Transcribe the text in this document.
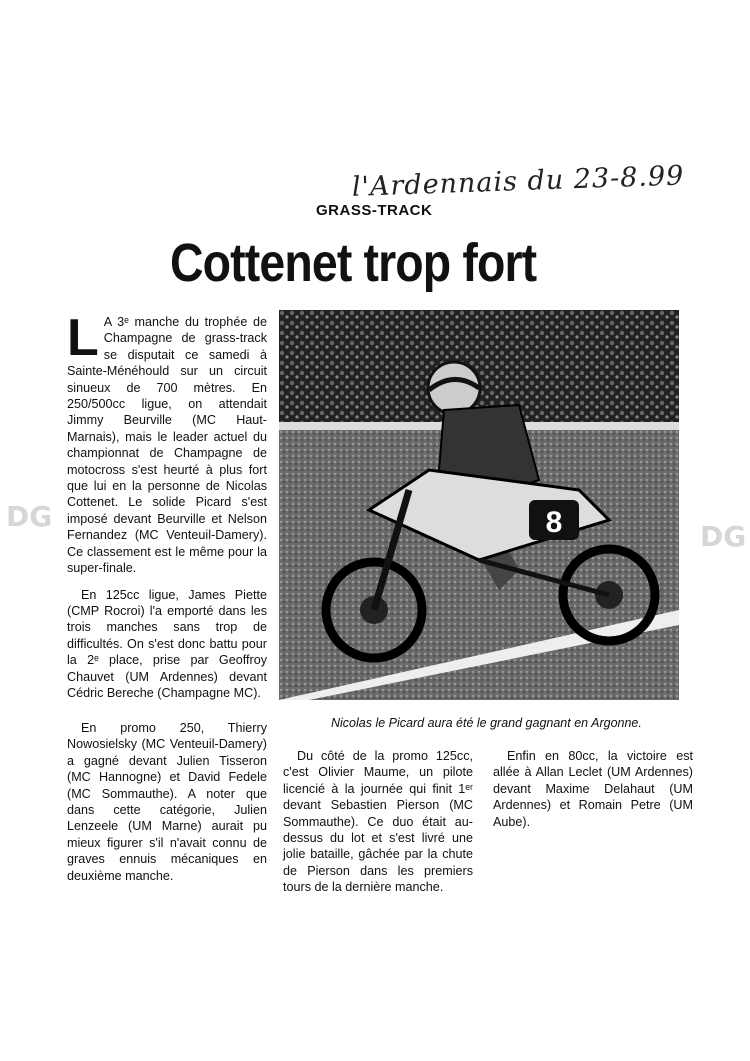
l'Ardennais du 23-8.99
GRASS-TRACK
Cottenet trop fort
L A 3ᵉ manche du trophée de Champagne de grass-track se disputait ce samedi à Sainte-Ménéhould sur un circuit sinueux de 700 mètres. En 250/500cc ligue, on attendait Jimmy Beurville (MC Haut-Marnais), mais le leader actuel du championnat de Champagne de motocross s'est heurté à plus fort que lui en la personne de Nicolas Cottenet. Le solide Picard s'est imposé devant Beurville et Nelson Fernandez (MC Venteuil-Damery). Ce classement est le même pour la super-finale.

En 125cc ligue, James Piette (CMP Rocroi) l'a emporté dans les trois manches sans trop de difficultés. On s'est donc battu pour la 2ᵉ place, prise par Geoffroy Chauvet (UM Ardennes) devant Cédric Bereche (Champagne MC).

En promo 250, Thierry Nowosielsky (MC Venteuil-Damery) a gagné devant Julien Tisseron (MC Hannogne) et David Fedele (MC Sommauthe). A noter que dans cette catégorie, Julien Lenzeele (UM Marne) aurait pu mieux figurer s'il n'avait connu de graves ennuis mécaniques en deuxième manche.

8
Nicolas le Picard aura été le grand gagnant en Argonne.

Du côté de la promo 125cc, c'est Olivier Maume, un pilote licencié à la journée qui finit 1ᵉʳ devant Sebastien Pierson (MC Sommauthe). Ce duo était au-dessus du lot et s'est livré une jolie bataille, gâchée par la chute de Pierson dans les premiers tours de la dernière manche.

Enfin en 80cc, la victoire est allée à Allan Leclet (UM Ardennes) devant Maxime Delahaut (UM Ardennes) et Romain Petre (UM Aube).

DG
DG
